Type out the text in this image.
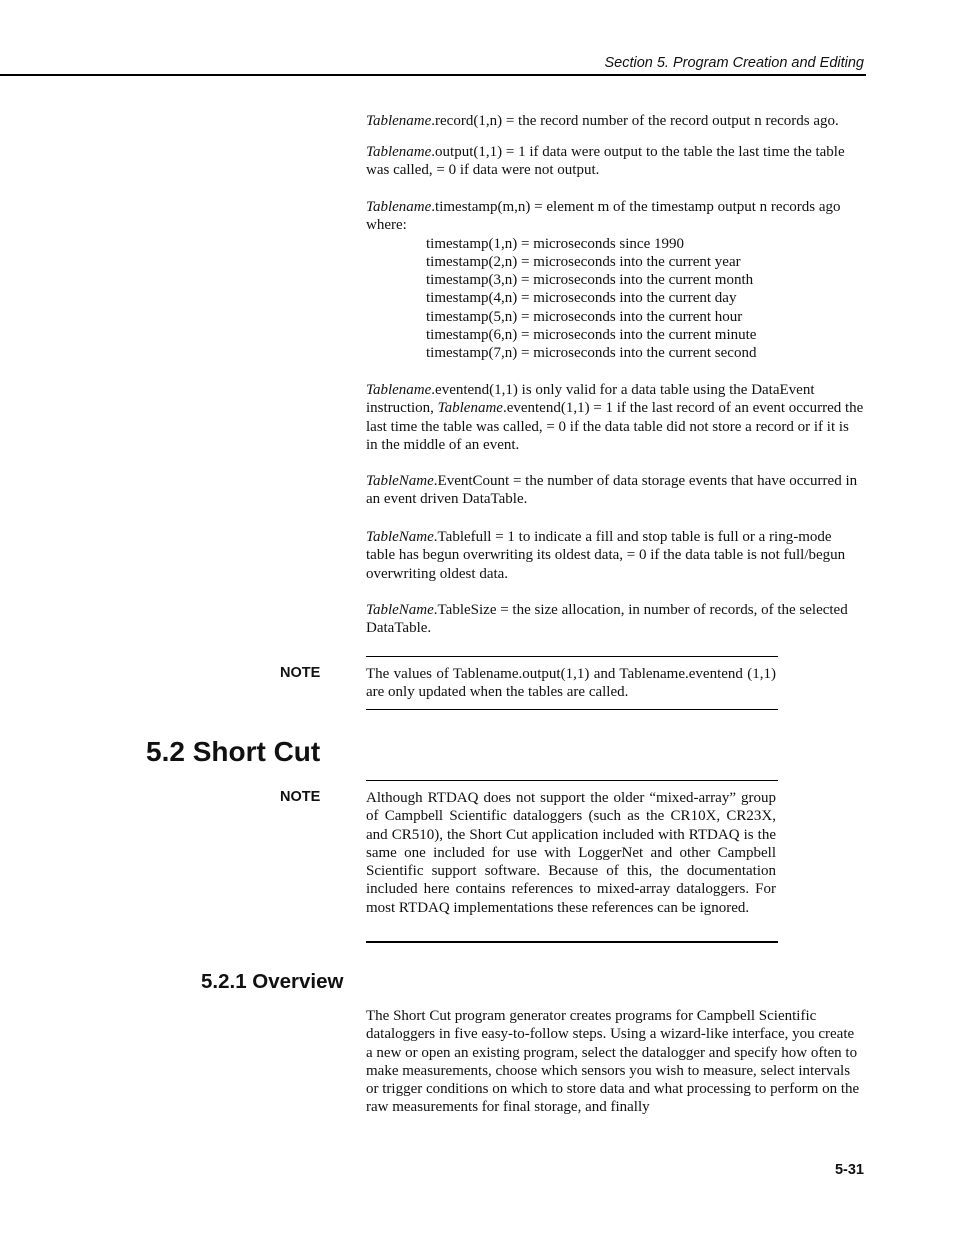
Section 5. Program Creation and Editing

Tablename.record(1,n) = the record number of the record output n records ago.

Tablename.output(1,1) = 1 if data were output to the table the last time the table was called, = 0 if data were not output.

Tablename.timestamp(m,n) = element m of the timestamp output n records ago where:

timestamp(1,n) = microseconds since 1990
timestamp(2,n) = microseconds into the current year
timestamp(3,n) = microseconds into the current month
timestamp(4,n) = microseconds into the current day
timestamp(5,n) = microseconds into the current hour
timestamp(6,n) = microseconds into the current minute
timestamp(7,n) = microseconds into the current second

Tablename.eventend(1,1) is only valid for a data table using the DataEvent instruction, Tablename.eventend(1,1) = 1 if the last record of an event occurred the last time the table was called, = 0 if the data table did not store a record or if it is in the middle of an event.

TableName.EventCount = the number of data storage events that have occurred in an event driven DataTable.

TableName.Tablefull = 1 to indicate a fill and stop table is full or a ring-mode table has begun overwriting its oldest data, = 0 if the data table is not full/begun overwriting oldest data.

TableName.TableSize = the size allocation, in number of records, of the selected DataTable.

NOTE	The values of Tablename.output(1,1) and Tablename.eventend (1,1) are only updated when the tables are called.
5.2 Short Cut
NOTE	Although RTDAQ does not support the older “mixed-array” group of Campbell Scientific dataloggers (such as the CR10X, CR23X, and CR510), the Short Cut application included with RTDAQ is the same one included for use with LoggerNet and other Campbell Scientific support software. Because of this, the documentation included here contains references to mixed-array dataloggers. For most RTDAQ implementations these references can be ignored.
5.2.1 Overview

The Short Cut program generator creates programs for Campbell Scientific dataloggers in five easy-to-follow steps. Using a wizard-like interface, you create a new or open an existing program, select the datalogger and specify how often to make measurements, choose which sensors you wish to measure, select intervals or trigger conditions on which to store data and what processing to perform on the raw measurements for final storage, and finally

5-31
